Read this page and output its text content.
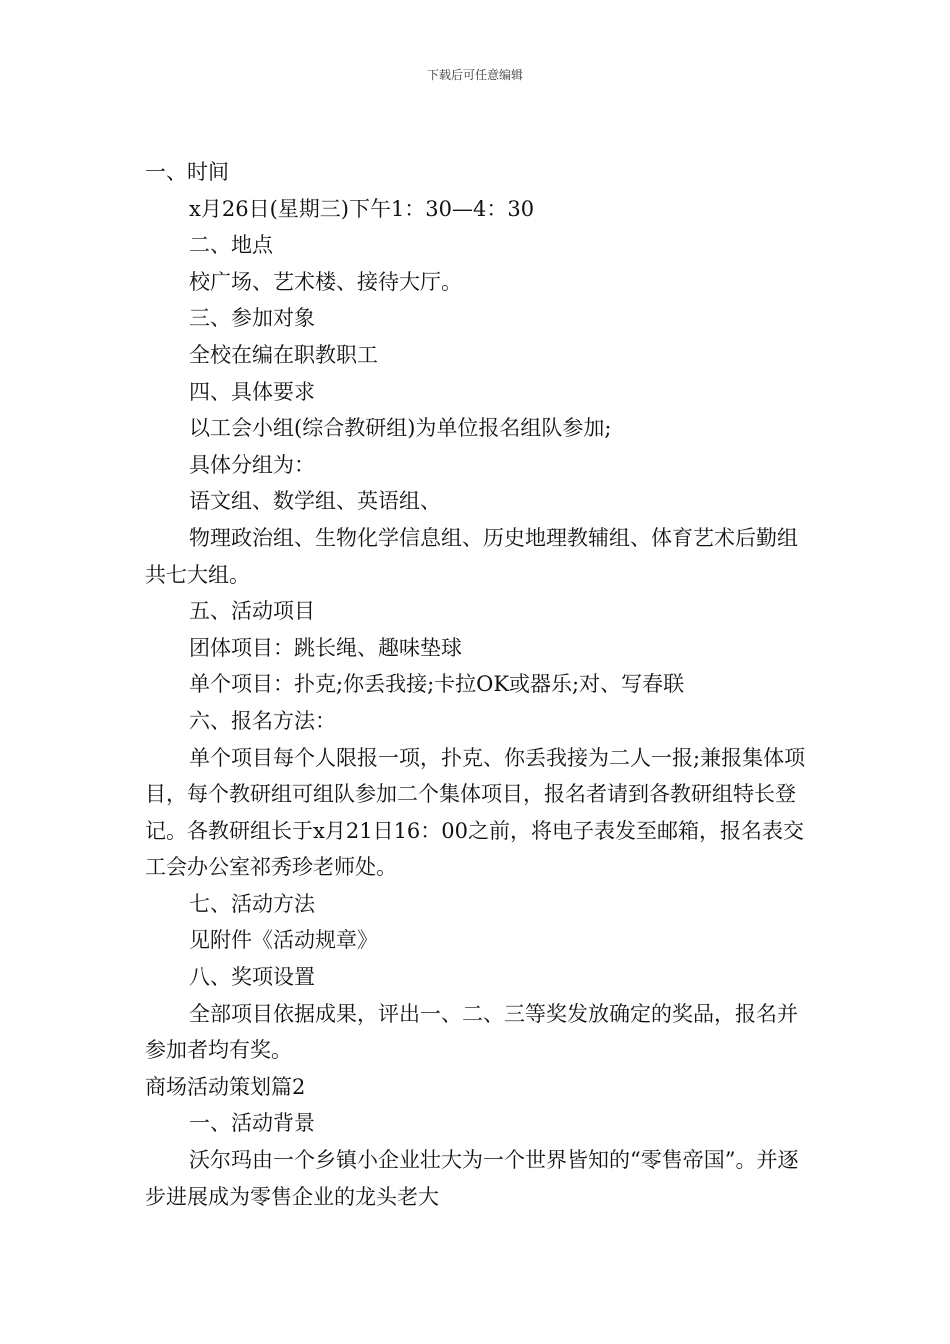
下载后可任意编辑

一、时间

x月26日(星期三)下午1：30—4：30

二、地点

校广场、艺术楼、接待大厅。

三、参加对象

全校在编在职教职工

四、具体要求

以工会小组(综合教研组)为单位报名组队参加;

具体分组为：

语文组、数学组、英语组、

物理政治组、生物化学信息组、历史地理教辅组、体育艺术后勤组共七大组。

五、活动项目

团体项目：跳长绳、趣味垫球

单个项目：扑克;你丢我接;卡拉OK或器乐;对、写春联

六、报名方法：

单个项目每个人限报一项，扑克、你丢我接为二人一报;兼报集体项目，每个教研组可组队参加二个集体项目，报名者请到各教研组特长登记。各教研组长于x月21日16：00之前，将电子表发至邮箱，报名表交工会办公室祁秀珍老师处。

七、活动方法

见附件《活动规章》

八、奖项设置

全部项目依据成果，评出一、二、三等奖发放确定的奖品，报名并参加者均有奖。

商场活动策划篇2

一、活动背景

沃尔玛由一个乡镇小企业壮大为一个世界皆知的“零售帝国”。并逐步进展成为零售企业的龙头老大
